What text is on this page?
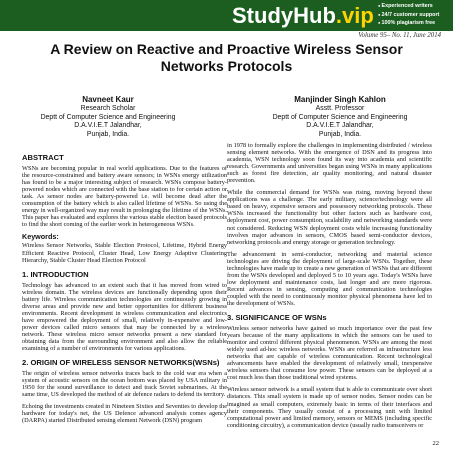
StudyHub.vip
●	Experienced writers
● 24/7 customer support
● 100% plagiarism free
Volume 95– No. 11, June 2014
A Review on Reactive and Proactive Wireless Sensor Networks Protocols
Navneet Kaur
Research Scholar
Deptt of Computer Science and Engineering
D.A.V.I.E.T Jalandhar,
Punjab, India.
Manjinder Singh Kahlon
Asstt. Professor
Deptt of Computer Science and Engineering
D.A.V.I.E.T Jalandhar,
Punjab, India.
ABSTRACT

WSNs are becoming popular in real world applications. Due to the features of the resource-constrained and battery aware sensors; in WSNs energy utilization has found to be a major interesting subject of research. WSNs compose battery-powered nodes which are connected with the base station to for certain action or task. As sensor nodes are battery-powered i.e. will become dead after the consumption of the battery which is also called lifetime of WSNs. So using the energy in well-organized way may result in prolonging the lifetime of the WSNs. This paper has evaluated and explores the various stable election based protocols to find the short coming of the earlier work in heterogeneous WSNs.

Keywords:

Wireless Sensor Networks, Stable Election Protocol, Lifetime, Hybrid Energy Efficient Reactive Protocol, Cluster Head, Low Energy Adaptive Clustering Hierarchy, Stable Cluster Head Election Protocol

1. INTRODUCTION

Technology has advanced to an extent such that it has moved from wired to wireless domain. The wireless devices are functionally depending upon their battery life. Wireless communication technologies are continuously growing in diverse areas and provide new and better opportunities for different business environments. Recent development in wireless communication and electronics have empowered the deployment of small, relatively in-expensive and low-power devices called micro sensors that may be connected by a wireless network. These wireless micro sensor networks present a new standard for obtaining data from the surrounding environment and also allow the reliable examining of a number of environments for various applications.

2. ORIGIN OF WIRELESS SENSOR NETWORKS(WSNs)

The origin of wireless sensor networks traces back to the cold war era when a system of acoustic sensors on the ocean bottom was placed by USA military in 1950 for the sound surveillance to detect and track Soviet submarines. At the same time, US developed the method of air defence radars to defend its territory.

Echoing the investments created in Nineteen Sixties and Seventies to develop the hardware for today's net, the US Defence advanced analysis comes agency (DARPA) started Distributed sensing element Network (DSN) program

in 1978 to formally explore the challenges in implementing distributed / wireless sensing element networks. With the emergence of DSN and its progress into academia, WSN technology soon found its way into academia and scientific research. Governments and universities began using WSNs in many applications such as forest fire detection, air quality monitoring, and natural disaster prevention.

While the commercial demand for WSNs was rising, moving beyond these applications was a challenge. The early military, science/technology were all based on heavy, expensive sensors and possessory networking protocols. These WSNs increased the functionality but other factors such as hardware cost, deployment cost, power consumption, scalability and networking standards were not considered. Reducing WSN deployment costs while increasing functionality involves major advances in sensors, CMOS based semi-conductor devices, networking protocols and energy storage or generation technology.

The advancement in semi-conductor, networking and material science technologies are driving the deployment of large-scale WSNs. Together, these technologies have made up to create a new generation of WSNs that are different from the WSNs developed and deployed 5 to 10 years ago. Today's WSNs have low deployment and maintenance costs, last longer and are more rigorous. Recent advances in sensing, computing and communication technologies coupled with the need to continuously monitor physical phenomena have led to the development of WSNs.

3. SIGNIFICANCE OF WSNs

Wireless sensor networks have gained so much importance over the past few years because of the many applications in which the sensors can be used to monitor and control different physical phenomenon. WSNs are among the most widely used ad-hoc wireless networks. WSNs are referred as infrastructure less networks that are capable of wireless communication. Recent technological advancements have enabled the development of relatively small, inexpensive wireless sensors that consume low power. These sensors can be deployed at a cost much less than those traditional wired systems.

Wireless sensor network is a small system that is able to communicate over short distances. This small system is made up of sensor nodes. Sensor nodes can be imagined as small computers, extremely basic in terms of their interfaces and their components. They usually consist of a processing unit with limited computational power and limited memory, sensors or MEMS (including specific conditioning circuitry), a communication device (usually radio transceivers or

22
